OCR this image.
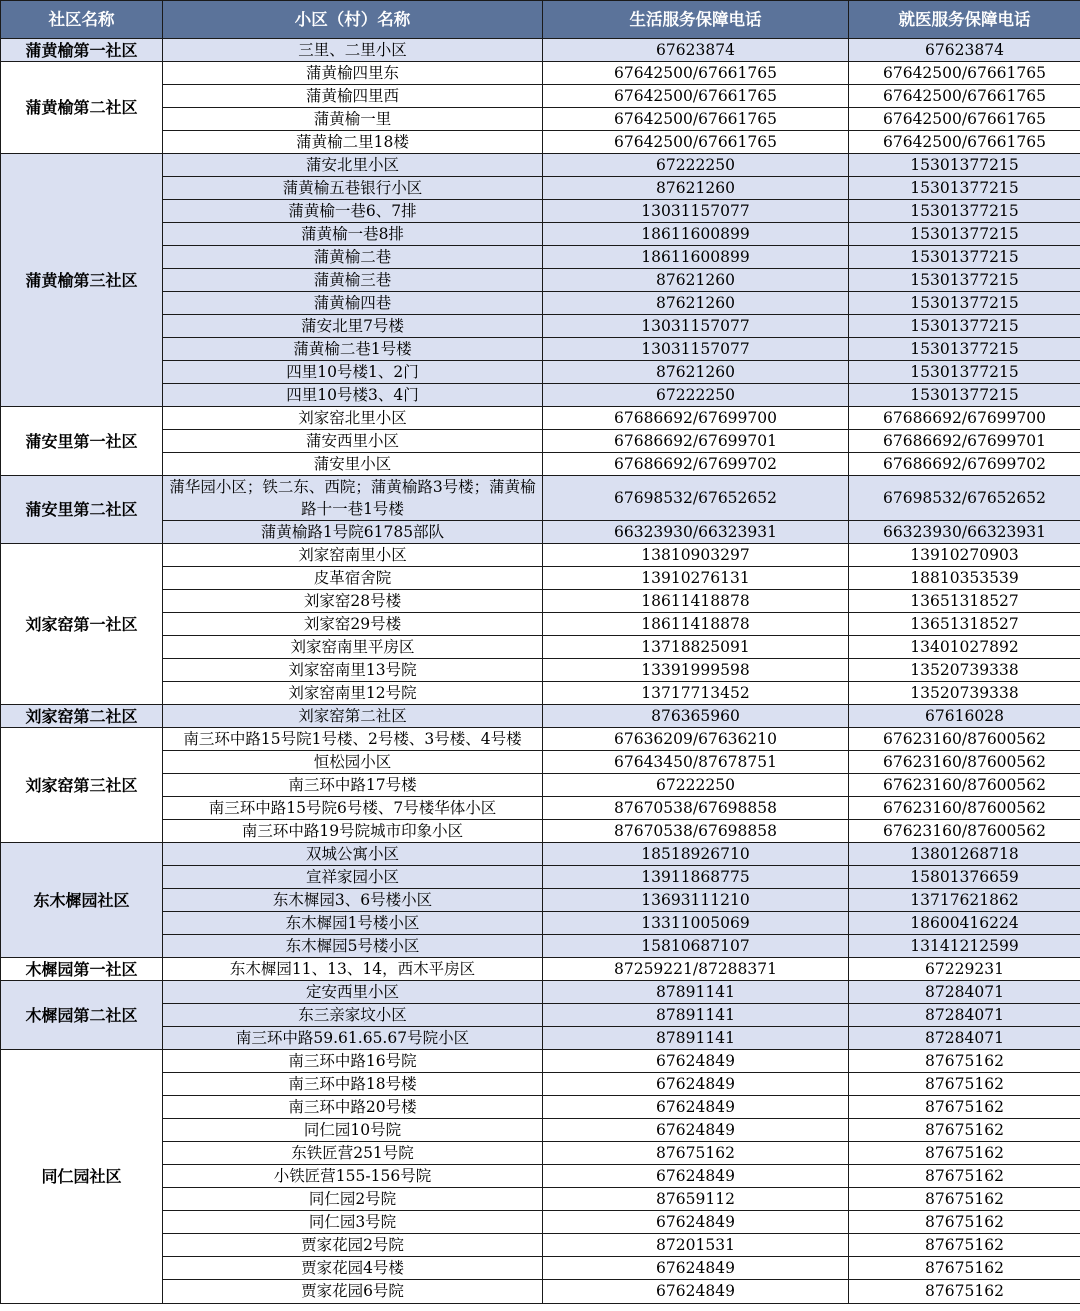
社区名称	小区（村）名称	生活服务保障电话	就医服务保障电话
蒲黄榆第一社区	三里、二里小区	67623874	67623874
蒲黄榆第二社区	蒲黄榆四里东	67642500/67661765	67642500/67661765
	蒲黄榆四里西	67642500/67661765	67642500/67661765
	蒲黄榆一里	67642500/67661765	67642500/67661765
	蒲黄榆二里18楼	67642500/67661765	67642500/67661765
蒲黄榆第三社区	蒲安北里小区	67222250	15301377215
	蒲黄榆五巷银行小区	87621260	15301377215
	蒲黄榆一巷6、7排	13031157077	15301377215
	蒲黄榆一巷8排	18611600899	15301377215
	蒲黄榆二巷	18611600899	15301377215
	蒲黄榆三巷	87621260	15301377215
	蒲黄榆四巷	87621260	15301377215
	蒲安北里7号楼	13031157077	15301377215
	蒲黄榆二巷1号楼	13031157077	15301377215
	四里10号楼1、2门	87621260	15301377215
	四里10号楼3、4门	67222250	15301377215
蒲安里第一社区	刘家窑北里小区	67686692/67699700	67686692/67699700
	蒲安西里小区	67686692/67699701	67686692/67699701
	蒲安里小区	67686692/67699702	67686692/67699702
蒲安里第二社区	蒲华园小区；铁二东、西院；蒲黄榆路3号楼；蒲黄榆路十一巷1号楼	67698532/67652652	67698532/67652652
	蒲黄榆路1号院61785部队	66323930/66323931	66323930/66323931
刘家窑第一社区	刘家窑南里小区	13810903297	13910270903
	皮革宿舍院	13910276131	18810353539
	刘家窑28号楼	18611418878	13651318527
	刘家窑29号楼	18611418878	13651318527
	刘家窑南里平房区	13718825091	13401027892
	刘家窑南里13号院	13391999598	13520739338
	刘家窑南里12号院	13717713452	13520739338
刘家窑第二社区	刘家窑第二社区	876365960	67616028
刘家窑第三社区	南三环中路15号院1号楼、2号楼、3号楼、4号楼	67636209/67636210	67623160/87600562
	恒松园小区	67643450/87678751	67623160/87600562
	南三环中路17号楼	67222250	67623160/87600562
	南三环中路15号院6号楼、7号楼华体小区	87670538/67698858	67623160/87600562
	南三环中路19号院城市印象小区	87670538/67698858	67623160/87600562
东木樨园社区	双城公寓小区	18518926710	13801268718
	宣祥家园小区	13911868775	15801376659
	东木樨园3、6号楼小区	13693111210	13717621862
	东木樨园1号楼小区	13311005069	18600416224
	东木樨园5号楼小区	15810687107	13141212599
木樨园第一社区	东木樨园11、13、14，西木平房区	87259221/87288371	67229231
木樨园第二社区	定安西里小区	87891141	87284071
	东三亲家坟小区	87891141	87284071
	南三环中路59.61.65.67号院小区	87891141	87284071
同仁园社区	南三环中路16号院	67624849	87675162
	南三环中路18号楼	67624849	87675162
	南三环中路20号楼	67624849	87675162
	同仁园10号院	67624849	87675162
	东铁匠营251号院	87675162	87675162
	小铁匠营155-156号院	67624849	87675162
	同仁园2号院	87659112	87675162
	同仁园3号院	67624849	87675162
	贾家花园2号院	87201531	87675162
	贾家花园4号楼	67624849	87675162
	贾家花园6号院	67624849	87675162
